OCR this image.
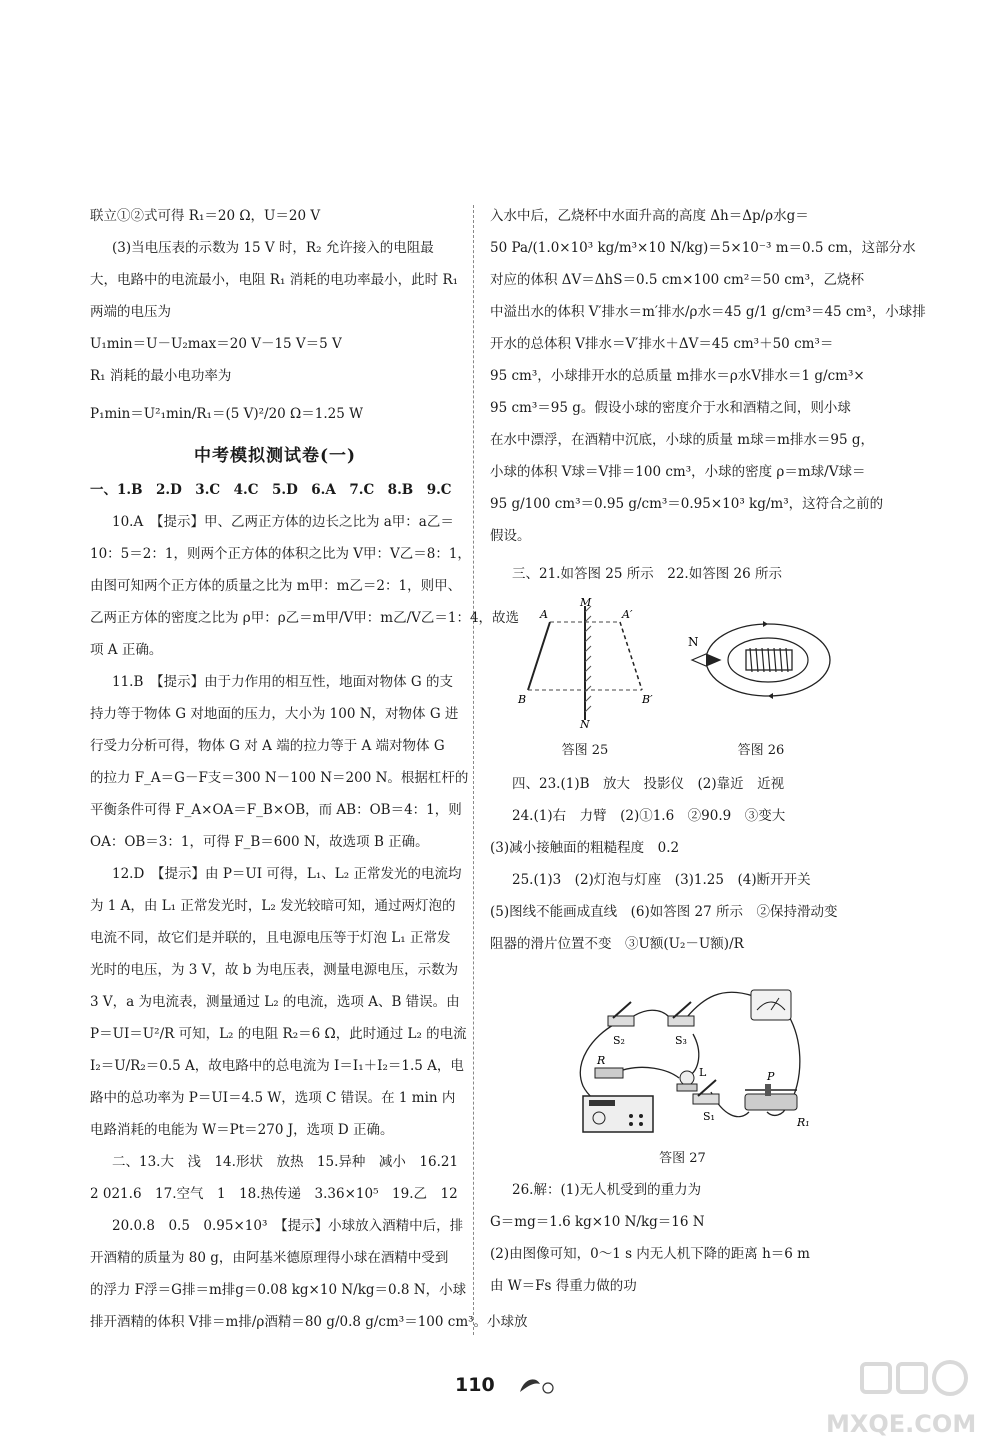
联立①②式可得 R₁＝20 Ω，U＝20 V
(3)当电压表的示数为 15 V 时，R₂ 允许接入的电阻最
大，电路中的电流最小，电阻 R₁ 消耗的电功率最小，此时 R₁
两端的电压为
U₁min＝U－U₂max＝20 V－15 V＝5 V
R₁ 消耗的最小电功率为
P₁min＝U²₁min/R₁＝(5 V)²/20 Ω＝1.25 W
中考模拟测试卷(一)
一、1.B　2.D　3.C　4.C　5.D　6.A　7.C　8.B　9.C
10.A　【提示】甲、乙两正方体的边长之比为 a甲：a乙＝
10：5＝2：1，则两个正方体的体积之比为 V甲：V乙＝8：1，
由图可知两个正方体的质量之比为 m甲：m乙＝2：1，则甲、
乙两正方体的密度之比为 ρ甲：ρ乙＝m甲/V甲：m乙/V乙＝1：4，故选
项 A 正确。
11.B　【提示】由于力作用的相互性，地面对物体 G 的支
持力等于物体 G 对地面的压力，大小为 100 N，对物体 G 进
行受力分析可得，物体 G 对 A 端的拉力等于 A 端对物体 G
的拉力 F_A＝G－F支＝300 N－100 N＝200 N。根据杠杆的
平衡条件可得 F_A×OA＝F_B×OB，而 AB：OB＝4：1，则
OA：OB＝3：1，可得 F_B＝600 N，故选项 B 正确。
12.D　【提示】由 P＝UI 可得，L₁、L₂ 正常发光的电流均
为 1 A，由 L₁ 正常发光时，L₂ 发光较暗可知，通过两灯泡的
电流不同，故它们是并联的，且电源电压等于灯泡 L₁ 正常发
光时的电压，为 3 V，故 b 为电压表，测量电源电压，示数为
3 V，a 为电流表，测量通过 L₂ 的电流，选项 A、B 错误。由
P＝UI＝U²/R 可知，L₂ 的电阻 R₂＝6 Ω，此时通过 L₂ 的电流
I₂＝U/R₂＝0.5 A，故电路中的总电流为 I＝I₁＋I₂＝1.5 A，电
路中的总功率为 P＝UI＝4.5 W，选项 C 错误。在 1 min 内
电路消耗的电能为 W＝Pt＝270 J，选项 D 正确。
二、13.大　浅　14.形状　放热　15.异种　减小　16.21
2 021.6　17.空气　1　18.热传递　3.36×10⁵　19.乙　12
20.0.8　0.5　0.95×10³　【提示】小球放入酒精中后，排
开酒精的质量为 80 g，由阿基米德原理得小球在酒精中受到
的浮力 F浮＝G排＝m排g＝0.08 kg×10 N/kg＝0.8 N，小球
排开酒精的体积 V排＝m排/ρ酒精＝80 g/0.8 g/cm³＝100 cm³。小球放
入水中后，乙烧杯中水面升高的高度 Δh＝Δp/ρ水g＝
50 Pa/(1.0×10³ kg/m³×10 N/kg)＝5×10⁻³ m＝0.5 cm，这部分水
对应的体积 ΔV＝ΔhS＝0.5 cm×100 cm²＝50 cm³，乙烧杯
中溢出水的体积 V′排水＝m′排水/ρ水＝45 g/1 g/cm³＝45 cm³，小球排
开水的总体积 V排水＝V′排水＋ΔV＝45 cm³＋50 cm³＝
95 cm³，小球排开水的总质量 m排水＝ρ水V排水＝1 g/cm³×
95 cm³＝95 g。假设小球的密度介于水和酒精之间，则小球
在水中漂浮，在酒精中沉底，小球的质量 m球＝m排水＝95 g，
小球的体积 V球＝V排＝100 cm³，小球的密度 ρ＝m球/V球＝
95 g/100 cm³＝0.95 g/cm³＝0.95×10³ kg/m³，这符合之前的
假设。
三、21.如答图 25 所示　22.如答图 26 所示
M
N
A	A′
B	B′
答图 25
N
答图 26
四、23.(1)B　放大　投影仪　(2)靠近　近视
24.(1)右　力臂　(2)①1.6　②90.9　③变大
(3)减小接触面的粗糙程度　0.2
25.(1)3　(2)灯泡与灯座　(3)1.25　(4)断开开关
(5)图线不能画成直线　(6)如答图 27 所示　②保持滑动变
阻器的滑片位置不变　③U额(U₂－U额)/R
S₂	S₃
R
L
S₁	R₁
P
答图 27
26.解：(1)无人机受到的重力为
G＝mg＝1.6 kg×10 N/kg＝16 N
(2)由图像可知，0～1 s 内无人机下降的距离 h＝6 m
由 W＝Fs 得重力做的功
110
MXQE.COM
